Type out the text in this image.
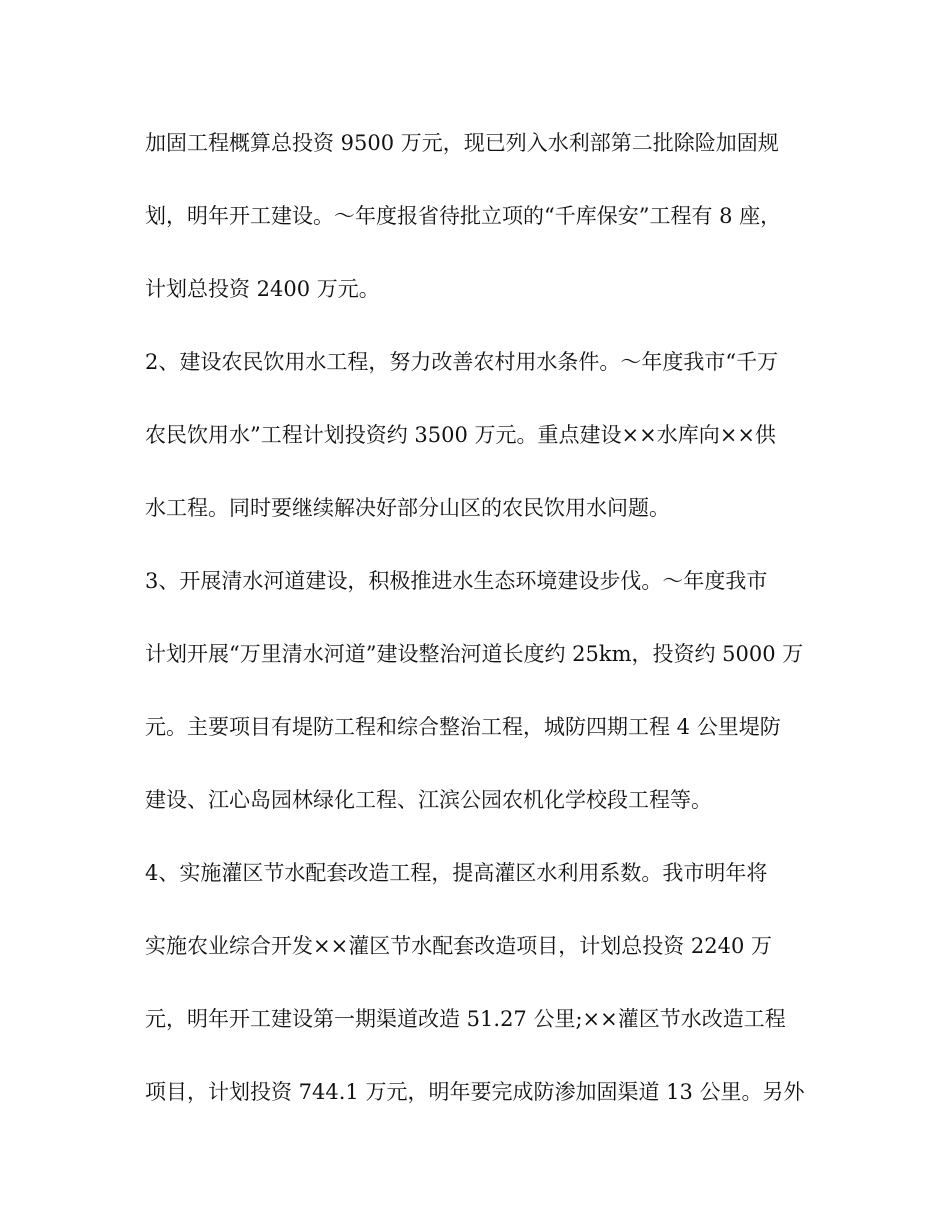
加固工程概算总投资 9500 万元，现已列入水利部第二批除险加固规
划，明年开工建设。～年度报省待批立项的“千库保安”工程有 8 座，
计划总投资 2400 万元。
2、建设农民饮用水工程，努力改善农村用水条件。～年度我市“千万
农民饮用水”工程计划投资约 3500 万元。重点建设××水库向××供
水工程。同时要继续解决好部分山区的农民饮用水问题。
3、开展清水河道建设，积极推进水生态环境建设步伐。～年度我市
计划开展“万里清水河道”建设整治河道长度约 25km，投资约 5000 万
元。主要项目有堤防工程和综合整治工程，城防四期工程 4 公里堤防
建设、江心岛园林绿化工程、江滨公园农机化学校段工程等。
4、实施灌区节水配套改造工程，提高灌区水利用系数。我市明年将
实施农业综合开发××灌区节水配套改造项目，计划总投资 2240 万
元，明年开工建设第一期渠道改造 51.27 公里;××灌区节水改造工程
项目，计划投资 744.1 万元，明年要完成防渗加固渠道 13 公里。另外
